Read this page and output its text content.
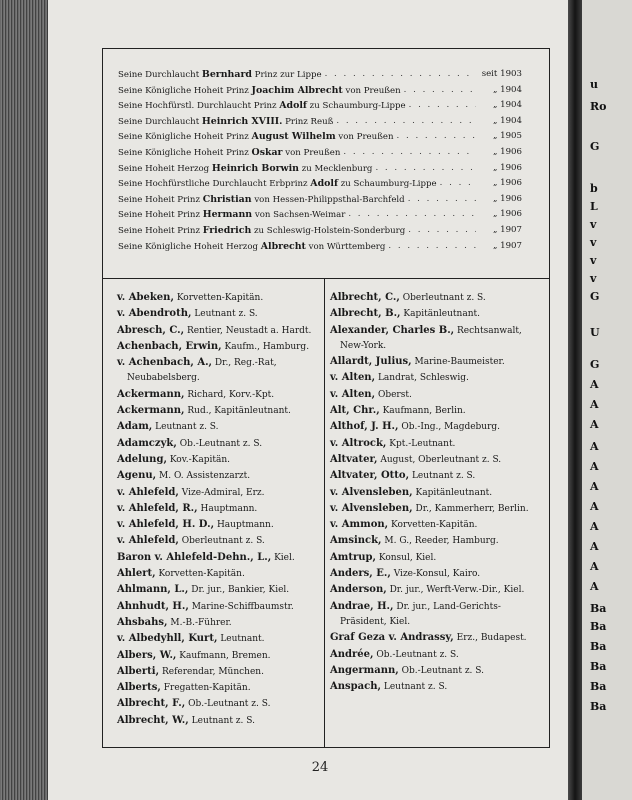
u
Ro
G
b
L
v
v
v
v
G
U
G
A
A
A
A
A
A
A
A
A
A
A
Ba
Ba
Ba
Ba
Ba
Ba
Seine Durchlaucht Bernhard Prinz zur Lippe . . .	seit 1903
Seine Königliche Hoheit Prinz Joachim Albrecht von Preußen . . .	„ 1904
Seine Hochfürstl. Durchlaucht Prinz Adolf zu Schaumburg-Lippe . . .	„ 1904
Seine Durchlaucht Heinrich XVIII. Prinz Reuß . . .	„ 1904
Seine Königliche Hoheit Prinz August Wilhelm von Preußen . . .	„ 1905
Seine Königliche Hoheit Prinz Oskar von Preußen . . .	„ 1906
Seine Hoheit Herzog Heinrich Borwin zu Mecklenburg . . .	„ 1906
Seine Hochfürstliche Durchlaucht Erbprinz Adolf zu Schaumburg-Lippe . . .	„ 1906
Seine Hoheit Prinz Christian von Hessen-Philippsthal-Barchfeld . . .	„ 1906
Seine Hoheit Prinz Hermann von Sachsen-Weimar . . .	„ 1906
Seine Hoheit Prinz Friedrich zu Schleswig-Holstein-Sonderburg . . .	„ 1907
Seine Königliche Hoheit Herzog Albrecht von Württemberg . . .	„ 1907
v. Abeken, Korvetten-Kapitän.
v. Abendroth, Leutnant z. S.
Abresch, C., Rentier, Neustadt a. Hardt.
Achenbach, Erwin, Kaufm., Hamburg.
v. Achenbach, A., Dr., Reg.-Rat, Neubabelsberg.
Ackermann, Richard, Korv.-Kpt.
Ackermann, Rud., Kapitänleutnant.
Adam, Leutnant z. S.
Adamczyk, Ob.-Leutnant z. S.
Adelung, Kov.-Kapitän.
Agenu, M. O. Assistenzarzt.
v. Ahlefeld, Vize-Admiral, Erz.
v. Ahlefeld, R., Hauptmann.
v. Ahlefeld, H. D., Hauptmann.
v. Ahlefeld, Oberleutnant z. S.
Baron v. Ahlefeld-Dehn., L., Kiel.
Ahlert, Korvetten-Kapitän.
Ahlmann, L., Dr. jur., Bankier, Kiel.
Ahnhudt, H., Marine-Schiffbaumstr.
Ahsbahs, M.-B.-Führer.
v. Albedyhll, Kurt, Leutnant.
Albers, W., Kaufmann, Bremen.
Alberti, Referendar, München.
Alberts, Fregatten-Kapitän.
Albrecht, F., Ob.-Leutnant z. S.
Albrecht, W., Leutnant z. S.
Albrecht, C., Oberleutnant z. S.
Albrecht, B., Kapitänleutnant.
Alexander, Charles B., Rechtsanwalt, New-York.
Allardt, Julius, Marine-Baumeister.
v. Alten, Landrat, Schleswig.
v. Alten, Oberst.
Alt, Chr., Kaufmann, Berlin.
Althof, J. H., Ob.-Ing., Magdeburg.
v. Altrock, Kpt.-Leutnant.
Altvater, August, Oberleutnant z. S.
Altvater, Otto, Leutnant z. S.
v. Alvensleben, Kapitänleutnant.
v. Alvensleben, Dr., Kammerherr, Berlin.
v. Ammon, Korvetten-Kapitän.
Amsinck, M. G., Reeder, Hamburg.
Amtrup, Konsul, Kiel.
Anders, E., Vize-Konsul, Kairo.
Anderson, Dr. jur., Werft-Verw.-Dir., Kiel.
Andrae, H., Dr. jur., Land-Gerichts-Präsident, Kiel.
Graf Geza v. Andrassy, Erz., Budapest.
Andrée, Ob.-Leutnant z. S.
Angermann, Ob.-Leutnant z. S.
Anspach, Leutnant z. S.
24
